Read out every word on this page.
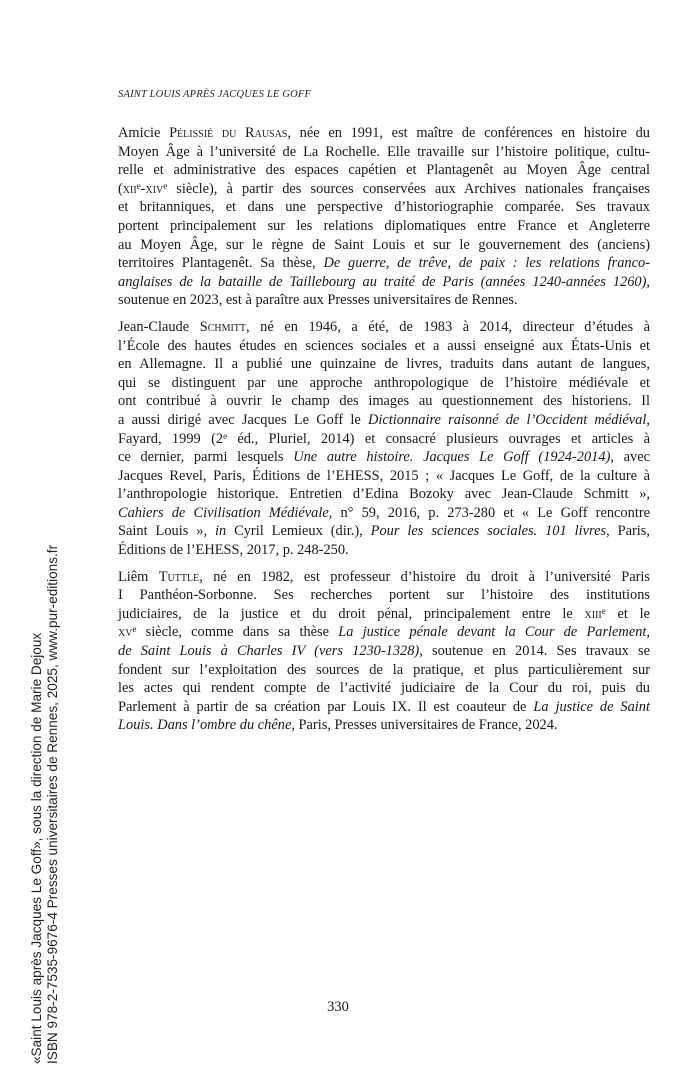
SAINT LOUIS APRÈS JACQUES LE GOFF
Amicie Pélissié du Rausas, née en 1991, est maître de conférences en histoire du
Moyen Âge à l’université de La Rochelle. Elle travaille sur l’histoire politique, cultu-
relle et administrative des espaces capétien et Plantagenêt au Moyen Âge central
(xii$^e$-xiv$^e$ siècle), à partir des sources conservées aux Archives nationales françaises
et britanniques, et dans une perspective d’historiographie comparée. Ses travaux
portent principalement sur les relations diplomatiques entre France et Angleterre
au Moyen Âge, sur le règne de Saint Louis et sur le gouvernement des (anciens)
territoires Plantagenêt. Sa thèse, De guerre, de trêve, de paix : les relations franco-
anglaises de la bataille de Taillebourg au traité de Paris (années 1240-années 1260),
soutenue en 2023, est à paraître aux Presses universitaires de Rennes.
Jean-Claude Schmitt, né en 1946, a été, de 1983 à 2014, directeur d’études à
l’École des hautes études en sciences sociales et a aussi enseigné aux États-Unis et
en Allemagne. Il a publié une quinzaine de livres, traduits dans autant de langues,
qui se distinguent par une approche anthropologique de l’histoire médiévale et
ont contribué à ouvrir le champ des images au questionnement des historiens. Il
a aussi dirigé avec Jacques Le Goff le Dictionnaire raisonné de l’Occident médiéval,
Fayard, 1999 (2e éd., Pluriel, 2014) et consacré plusieurs ouvrages et articles à
ce dernier, parmi lesquels Une autre histoire. Jacques Le Goff (1924-2014), avec
Jacques Revel, Paris, Éditions de l’EHESS, 2015 ; « Jacques Le Goff, de la culture à
l’anthropologie historique. Entretien d’Edina Bozoky avec Jean-Claude Schmitt »,
Cahiers de Civilisation Médiévale, n° 59, 2016, p. 273-280 et « Le Goff rencontre
Saint Louis », in Cyril Lemieux (dir.), Pour les sciences sociales. 101 livres, Paris,
Éditions de l’EHESS, 2017, p. 248-250.
Liêm Tuttle, né en 1982, est professeur d’histoire du droit à l’université Paris
I Panthéon-Sorbonne. Ses recherches portent sur l’histoire des institutions
judiciaires, de la justice et du droit pénal, principalement entre le xiii$^e$ et le
$xv^e$ siècle, comme dans sa thèse La justice pénale devant la Cour de Parlement,
de Saint Louis à Charles IV (vers 1230-1328), soutenue en 2014. Ses travaux se
fondent sur l’exploitation des sources de la pratique, et plus particulièrement sur
les actes qui rendent compte de l’activité judiciaire de la Cour du roi, puis du
Parlement à partir de sa création par Louis IX. Il est coauteur de La justice de Saint
Louis. Dans l’ombre du chêne, Paris, Presses universitaires de France, 2024.
330
«Saint Louis après Jacques Le Goff», sous la direction de Marie Dejoux ISBN 978-2-7535-9676-4 Presses universitaires de Rennes, 2025, www.pur-editions.fr
